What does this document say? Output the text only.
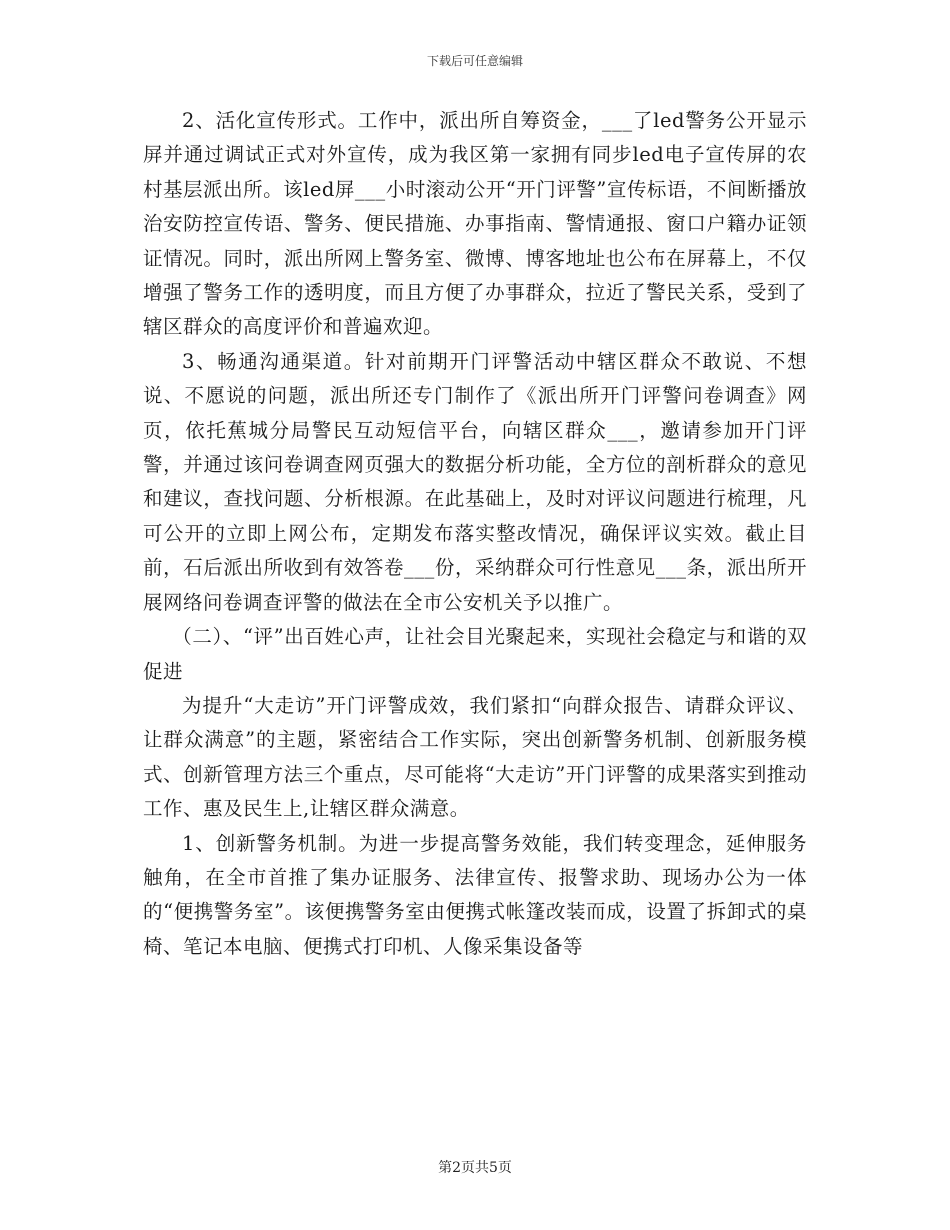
下载后可任意编辑

2、活化宣传形式。工作中，派出所自筹资金，___了led警务公开显示屏并通过调试正式对外宣传，成为我区第一家拥有同步led电子宣传屏的农村基层派出所。该led屏___小时滚动公开“开门评警”宣传标语，不间断播放治安防控宣传语、警务、便民措施、办事指南、警情通报、窗口户籍办证领证情况。同时，派出所网上警务室、微博、博客地址也公布在屏幕上，不仅增强了警务工作的透明度，而且方便了办事群众，拉近了警民关系，受到了辖区群众的高度评价和普遍欢迎。

3、畅通沟通渠道。针对前期开门评警活动中辖区群众不敢说、不想说、不愿说的问题，派出所还专门制作了《派出所开门评警问卷调查》网页，依托蕉城分局警民互动短信平台，向辖区群众___，邀请参加开门评警，并通过该问卷调查网页强大的数据分析功能，全方位的剖析群众的意见和建议，查找问题、分析根源。在此基础上，及时对评议问题进行梳理，凡可公开的立即上网公布，定期发布落实整改情况，确保评议实效。截止目前，石后派出所收到有效答卷___份，采纳群众可行性意见___条，派出所开展网络问卷调查评警的做法在全市公安机关予以推广。

（二）、“评”出百姓心声，让社会目光聚起来，实现社会稳定与和谐的双促进

为提升“大走访”开门评警成效，我们紧扣“向群众报告、请群众评议、让群众满意”的主题，紧密结合工作实际，突出创新警务机制、创新服务模式、创新管理方法三个重点，尽可能将“大走访”开门评警的成果落实到推动工作、惠及民生上,让辖区群众满意。

1、创新警务机制。为进一步提高警务效能，我们转变理念，延伸服务触角，在全市首推了集办证服务、法律宣传、报警求助、现场办公为一体的“便携警务室”。该便携警务室由便携式帐篷改装而成，设置了拆卸式的桌椅、笔记本电脑、便携式打印机、人像采集设备等

第2页共5页
